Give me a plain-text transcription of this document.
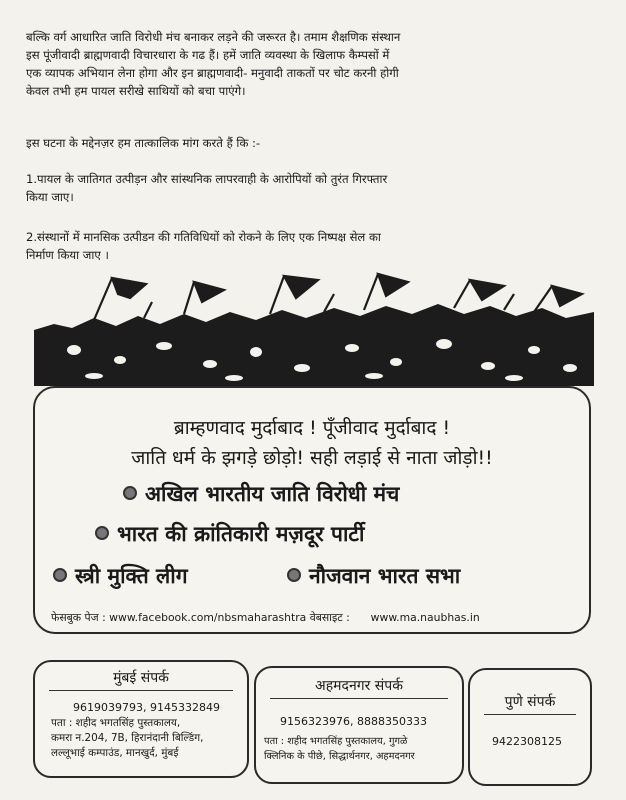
बल्कि वर्ग आधारित जाति विरोधी मंच बनाकर लड़ने की जरूरत है। तमाम शैक्षणिक संस्थान

इस पूंजीवादी ब्राह्मणवादी विचारधारा के गढ हैं। हमें जाति व्यवस्था के खिलाफ कैम्पसों में

एक व्यापक अभियान लेना होगा और इन ब्राह्मणवादी- मनुवादी ताकतों पर चोट करनी होगी

केवल तभी हम पायल सरीखे साथियों को बचा पाएंगे।

इस घटना के मद्देनज़र हम तात्कालिक मांग करते हैं कि :-

1.पायल के जातिगत उत्पीड़न और सांस्थनिक लापरवाही के आरोपियों को तुरंत गिरफ्तार

किया जाए।

2.संस्थानों में मानसिक उत्पीडन की गतिविधियों को रोकने के लिए एक निष्पक्ष सेल का

निर्माण किया जाए ।

ब्राम्हणवाद मुर्दाबाद ! पूँजीवाद मुर्दाबाद !
जाति धर्म के झगड़े छोड़ो! सही लड़ाई से नाता जोड़ो!!
अखिल भारतीय जाति विरोधी मंच
भारत की क्रांतिकारी मज़दूर पार्टी
स्त्री मुक्ति लीग	नौजवान भारत सभा
फेसबुक पेज : www.facebook.com/nbsmaharashtra वेबसाइट : www.ma.naubhas.in
मुंबई संपर्क
9619039793, 9145332849
पता : शहीद भगतसिंह पुस्तकालय,
कमरा न.204, 7B, हिरानंदानी बिल्डिंग,
लल्लूभाई कम्पाउंड, मानखुर्द, मुंबई
अहमदनगर संपर्क
9156323976, 8888350333
पता : शहीद भगतसिंह पुस्तकालय, गुगळे
क्लिनिक के पीछे, सिद्धार्थनगर, अहमदनगर
पुणे संपर्क
9422308125
